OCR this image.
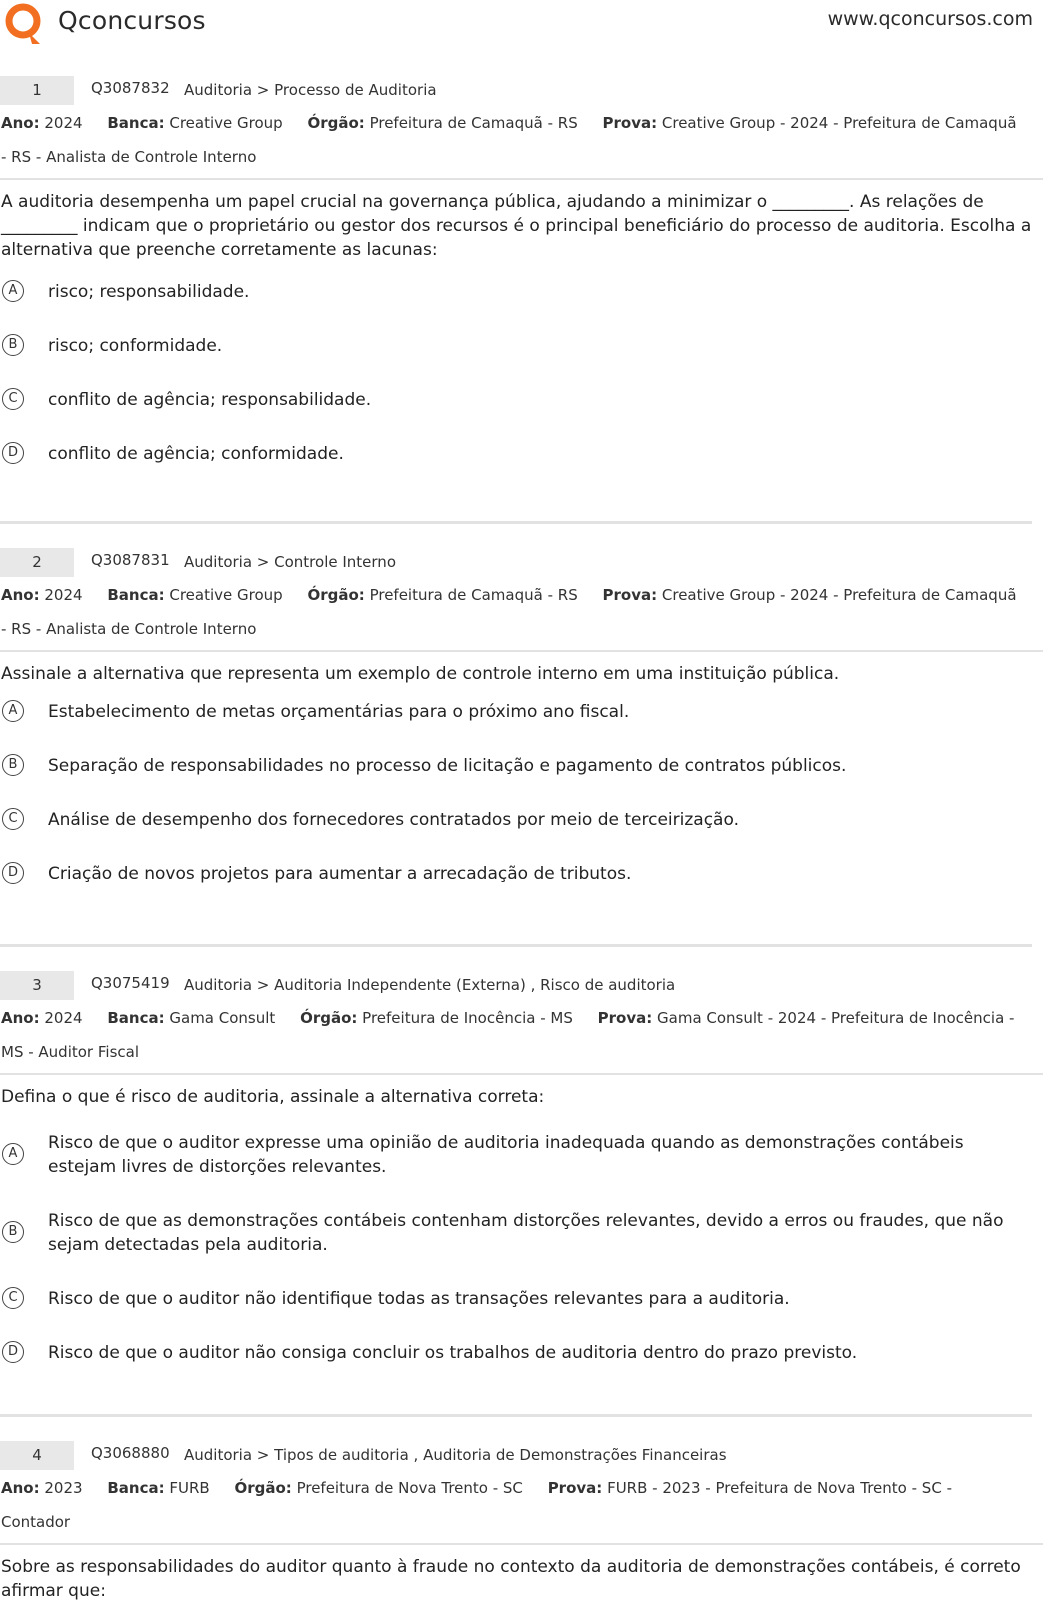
Qconcursos	www.qconcursos.com
1	Q3087832 Auditoria > Processo de Auditoria
Ano: 2024 Banca: Creative Group Órgão: Prefeitura de Camaquã - RS Prova: Creative Group - 2024 - Prefeitura de Camaquã - RS - Analista de Controle Interno
A auditoria desempenha um papel crucial na governança pública, ajudando a minimizar o _________. As relações de _________ indicam que o proprietário ou gestor dos recursos é o principal beneficiário do processo de auditoria. Escolha a alternativa que preenche corretamente as lacunas:
A	risco; responsabilidade.
B	risco; conformidade.
C	conflito de agência; responsabilidade.
D	conflito de agência; conformidade.
2	Q3087831 Auditoria > Controle Interno
Ano: 2024 Banca: Creative Group Órgão: Prefeitura de Camaquã - RS Prova: Creative Group - 2024 - Prefeitura de Camaquã - RS - Analista de Controle Interno
Assinale a alternativa que representa um exemplo de controle interno em uma instituição pública.
A	Estabelecimento de metas orçamentárias para o próximo ano fiscal.
B	Separação de responsabilidades no processo de licitação e pagamento de contratos públicos.
C	Análise de desempenho dos fornecedores contratados por meio de terceirização.
D	Criação de novos projetos para aumentar a arrecadação de tributos.
3	Q3075419 Auditoria > Auditoria Independente (Externa) , Risco de auditoria
Ano: 2024 Banca: Gama Consult Órgão: Prefeitura de Inocência - MS Prova: Gama Consult - 2024 - Prefeitura de Inocência - MS - Auditor Fiscal
Defina o que é risco de auditoria, assinale a alternativa correta:
A
Risco de que o auditor expresse uma opinião de auditoria inadequada quando as demonstrações contábeis estejam livres de distorções relevantes.
B
Risco de que as demonstrações contábeis contenham distorções relevantes, devido a erros ou fraudes, que não sejam detectadas pela auditoria.
C	Risco de que o auditor não identifique todas as transações relevantes para a auditoria.
D	Risco de que o auditor não consiga concluir os trabalhos de auditoria dentro do prazo previsto.
4	Q3068880 Auditoria > Tipos de auditoria , Auditoria de Demonstrações Financeiras
Ano: 2023 Banca: FURB Órgão: Prefeitura de Nova Trento - SC Prova: FURB - 2023 - Prefeitura de Nova Trento - SC - Contador
Sobre as responsabilidades do auditor quanto à fraude no contexto da auditoria de demonstrações contábeis, é correto afirmar que:
